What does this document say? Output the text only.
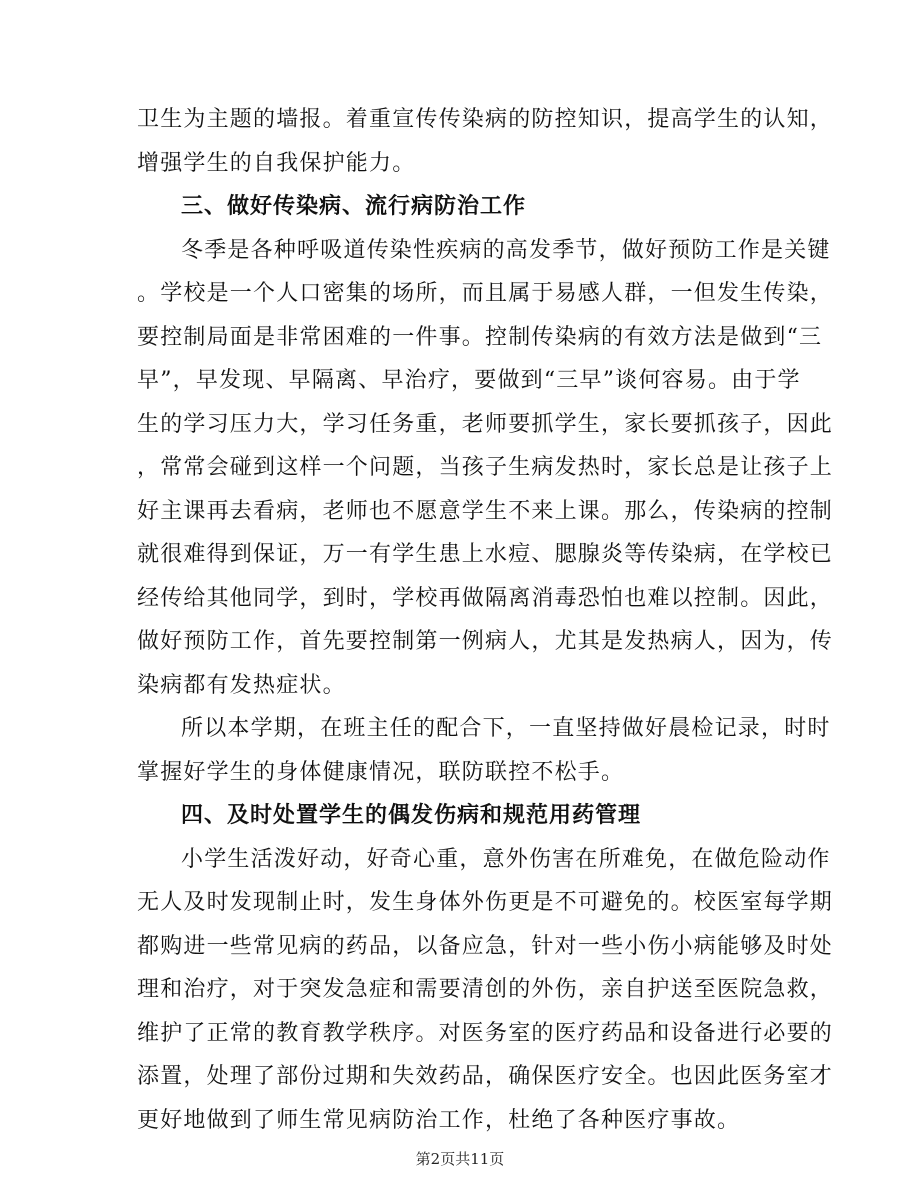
卫生为主题的墙报。着重宣传传染病的防控知识，提高学生的认知，
增强学生的自我保护能力。
三、做好传染病、流行病防治工作
冬季是各种呼吸道传染性疾病的高发季节，做好预防工作是关键
。学校是一个人口密集的场所，而且属于易感人群，一但发生传染，
要控制局面是非常困难的一件事。控制传染病的有效方法是做到“三
早”，早发现、早隔离、早治疗，要做到“三早”谈何容易。由于学
生的学习压力大，学习任务重，老师要抓学生，家长要抓孩子，因此
，常常会碰到这样一个问题，当孩子生病发热时，家长总是让孩子上
好主课再去看病，老师也不愿意学生不来上课。那么，传染病的控制
就很难得到保证，万一有学生患上水痘、腮腺炎等传染病，在学校已
经传给其他同学，到时，学校再做隔离消毒恐怕也难以控制。因此，
做好预防工作，首先要控制第一例病人，尤其是发热病人，因为，传
染病都有发热症状。
所以本学期，在班主任的配合下，一直坚持做好晨检记录，时时
掌握好学生的身体健康情况，联防联控不松手。
四、及时处置学生的偶发伤病和规范用药管理
小学生活泼好动，好奇心重，意外伤害在所难免，在做危险动作
无人及时发现制止时，发生身体外伤更是不可避免的。校医室每学期
都购进一些常见病的药品，以备应急，针对一些小伤小病能够及时处
理和治疗，对于突发急症和需要清创的外伤，亲自护送至医院急救，
维护了正常的教育教学秩序。对医务室的医疗药品和设备进行必要的
添置，处理了部份过期和失效药品，确保医疗安全。也因此医务室才
更好地做到了师生常见病防治工作，杜绝了各种医疗事故。
第2页共11页
